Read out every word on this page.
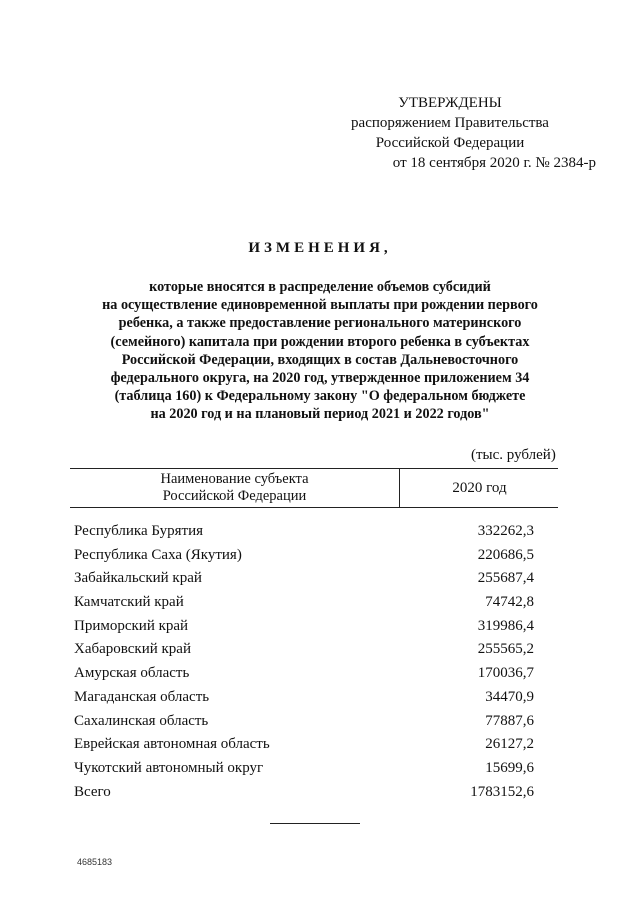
УТВЕРЖДЕНЫ
распоряжением Правительства
Российской Федерации
от 18 сентября 2020 г. № 2384-р
ИЗМЕНЕНИЯ,
которые вносятся в распределение объемов субсидий
на осуществление единовременной выплаты при рождении первого
ребенка, а также предоставление регионального материнского
(семейного) капитала при рождении второго ребенка в субъектах
Российской Федерации, входящих в состав Дальневосточного
федерального округа, на 2020 год, утвержденное приложением 34
(таблица 160) к Федеральному закону "О федеральном бюджете
на 2020 год и на плановый период 2021 и 2022 годов"
(тыс. рублей)
Наименование субъекта
Российской Федерации	2020 год
Республика Бурятия	332262,3
Республика Саха (Якутия)	220686,5
Забайкальский край	255687,4
Камчатский край	74742,8
Приморский край	319986,4
Хабаровский край	255565,2
Амурская область	170036,7
Магаданская область	34470,9
Сахалинская область	77887,6
Еврейская автономная область	26127,2
Чукотский автономный округ	15699,6
Всего	1783152,6
4685183
